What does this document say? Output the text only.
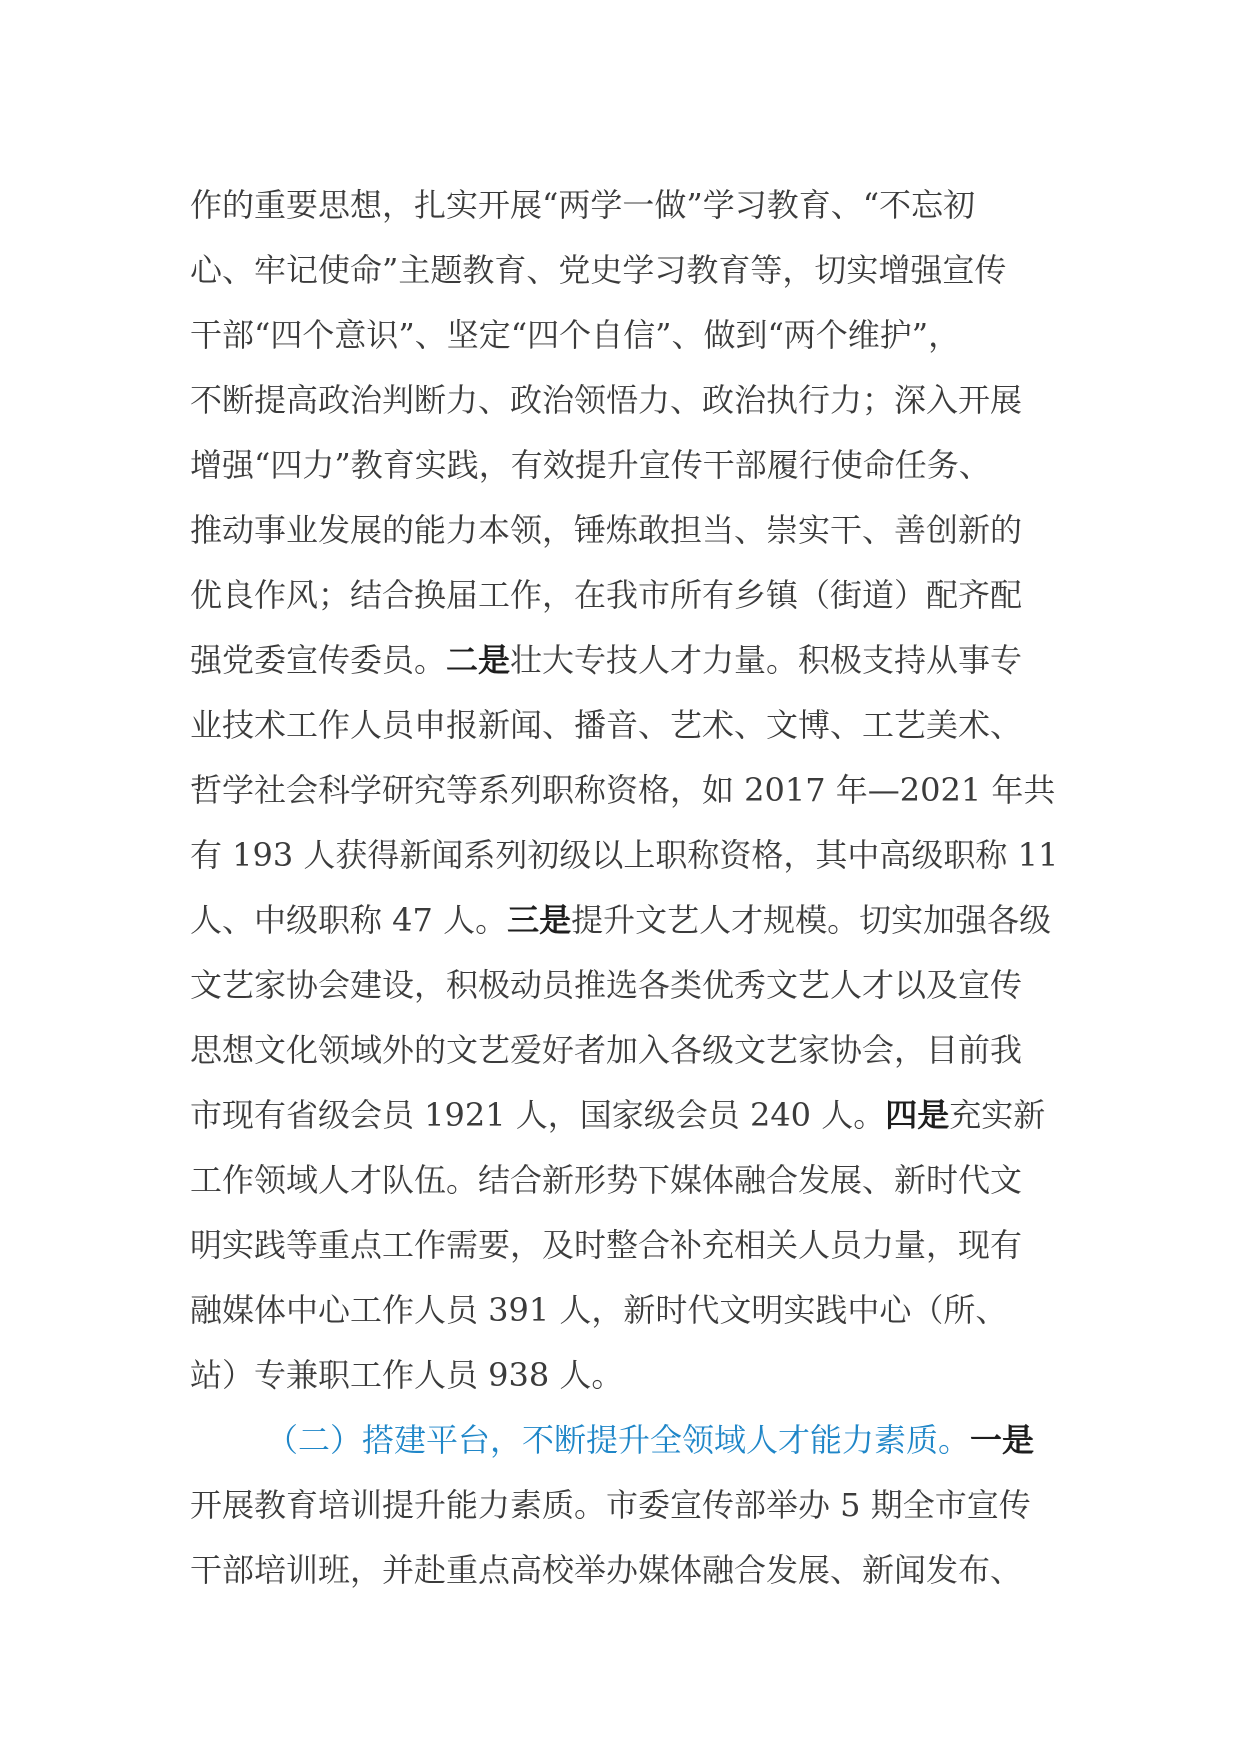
作的重要思想，扎实开展“两学一做”学习教育、“不忘初
心、牢记使命”主题教育、党史学习教育等，切实增强宣传
干部“四个意识”、坚定“四个自信”、做到“两个维护”，
不断提高政治判断力、政治领悟力、政治执行力；深入开展
增强“四力”教育实践，有效提升宣传干部履行使命任务、
推动事业发展的能力本领，锤炼敢担当、崇实干、善创新的
优良作风；结合换届工作，在我市所有乡镇（街道）配齐配
强党委宣传委员。二是壮大专技人才力量。积极支持从事专
业技术工作人员申报新闻、播音、艺术、文博、工艺美术、
哲学社会科学研究等系列职称资格，如 2017 年—2021 年共
有 193 人获得新闻系列初级以上职称资格，其中高级职称 11
人、中级职称 47 人。三是提升文艺人才规模。切实加强各级
文艺家协会建设，积极动员推选各类优秀文艺人才以及宣传
思想文化领域外的文艺爱好者加入各级文艺家协会，目前我
市现有省级会员 1921 人，国家级会员 240 人。四是充实新
工作领域人才队伍。结合新形势下媒体融合发展、新时代文
明实践等重点工作需要，及时整合补充相关人员力量，现有
融媒体中心工作人员 391 人，新时代文明实践中心（所、
站）专兼职工作人员 938 人。
（二）搭建平台，不断提升全领域人才能力素质。一是
开展教育培训提升能力素质。市委宣传部举办 5 期全市宣传
干部培训班，并赴重点高校举办媒体融合发展、新闻发布、
